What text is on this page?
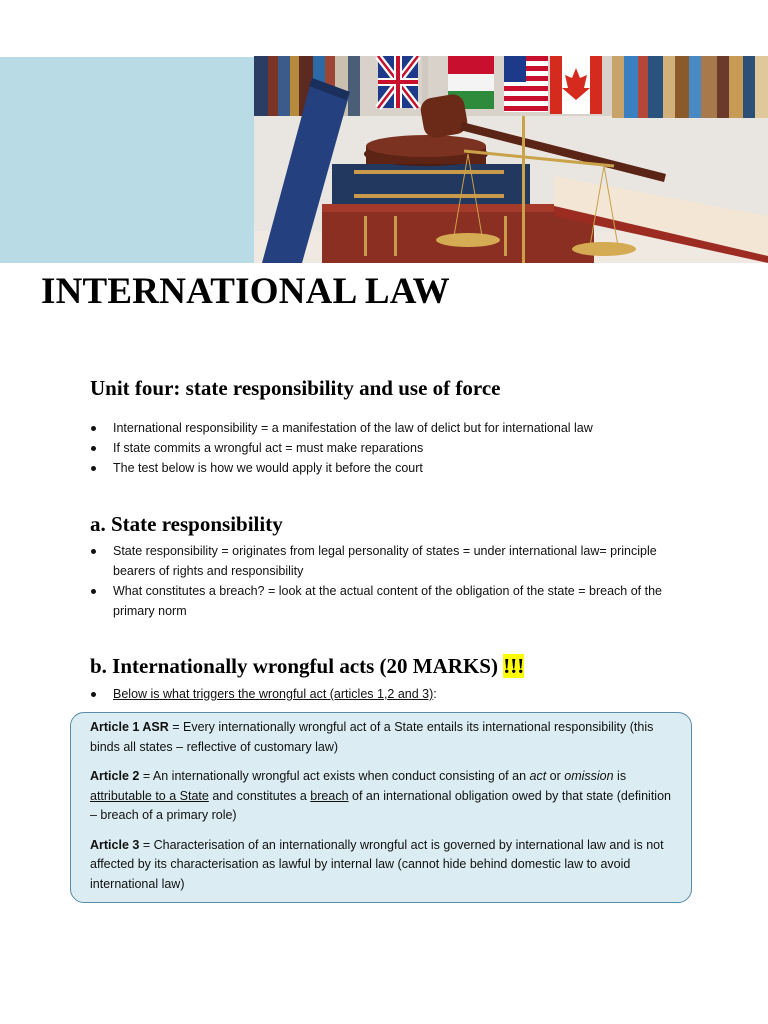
INTERNATIONAL LAW
Unit four: state responsibility and use of force
International responsibility = a manifestation of the law of delict but for international law
If state commits a wrongful act = must make reparations
The test below is how we would apply it before the court
a. State responsibility
State responsibility = originates from legal personality of states = under international law= principle bearers of rights and responsibility
What constitutes a breach? = look at the actual content of the obligation of the state = breach of the primary norm
b. Internationally wrongful acts (20 MARKS) !!!
Below is what triggers the wrongful act (articles 1,2 and 3):

Article 1 ASR = Every internationally wrongful act of a State entails its international responsibility (this binds all states – reflective of customary law)

Article 2 = An internationally wrongful act exists when conduct consisting of an act or omission is attributable to a State and constitutes a breach of an international obligation owed by that state (definition – breach of a primary role)

Article 3 = Characterisation of an internationally wrongful act is governed by international law and is not affected by its characterisation as lawful by internal law (cannot hide behind domestic law to avoid international law)
